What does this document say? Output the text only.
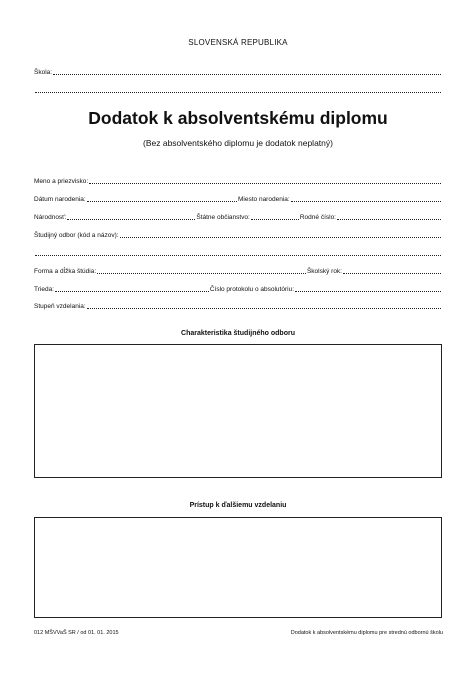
SLOVENSKÁ REPUBLIKA
Škola:
Dodatok k absolventskému diplomu
(Bez absolventského diplomu je dodatok neplatný)
Meno a priezvisko:
Dátum narodenia:	Miesto narodenia:
Národnosť:	Štátne občianstvo:	Rodné číslo:
Študijný odbor (kód a názov):
Forma a dĺžka štúdia:	Školský rok:
Trieda:	Číslo protokolu o absolutóriu:
Stupeň vzdelania:
Charakteristika študijného odboru
Prístup k ďalšiemu vzdelaniu
012 MŠVVaŠ SR / od 01. 01. 2015	Dodatok k absolventskému diplomu pre strednú odbornú školu
